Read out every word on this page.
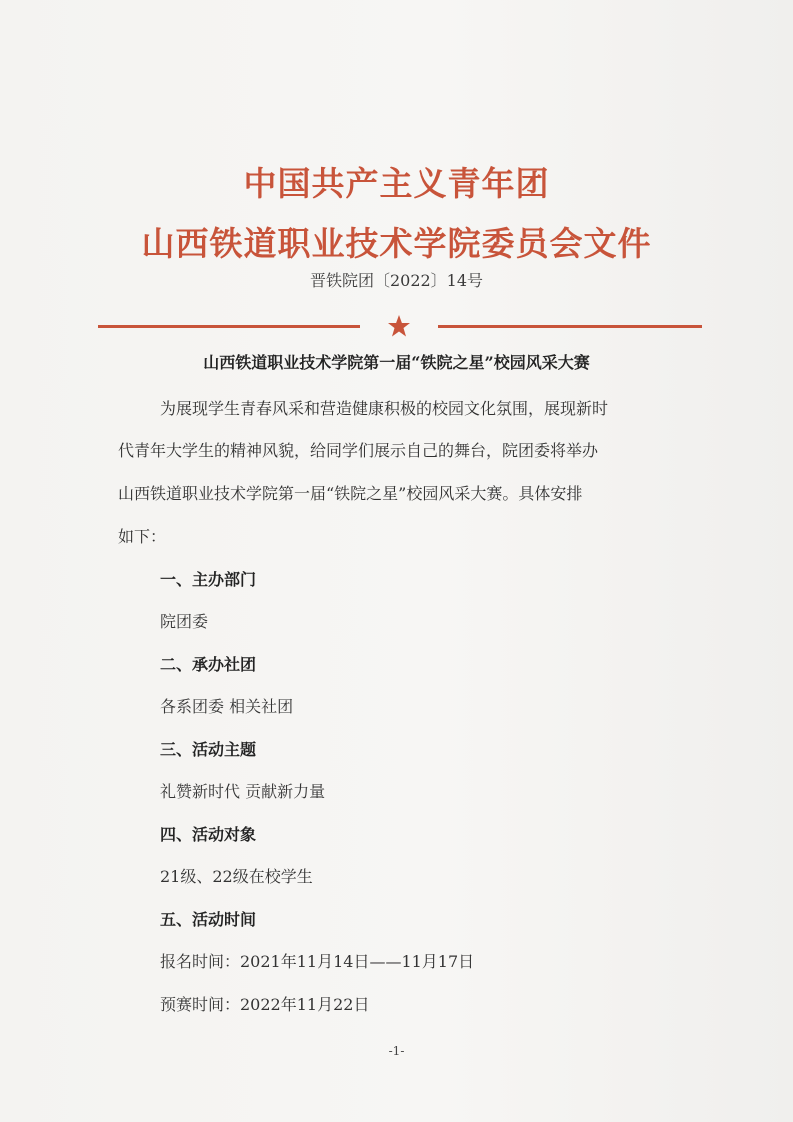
中国共产主义青年团
山西铁道职业技术学院委员会文件
晋铁院团〔2022〕14号
山西铁道职业技术学院第一届“铁院之星”校园风采大赛
为展现学生青春风采和营造健康积极的校园文化氛围，展现新时
代青年大学生的精神风貌，给同学们展示自己的舞台，院团委将举办
山西铁道职业技术学院第一届“铁院之星”校园风采大赛。具体安排
如下：
一、主办部门
院团委
二、承办社团
各系团委 相关社团
三、活动主题
礼赞新时代 贡献新力量
四、活动对象
21级、22级在校学生
五、活动时间
报名时间：2021年11月14日——11月17日
预赛时间：2022年11月22日
-1-
